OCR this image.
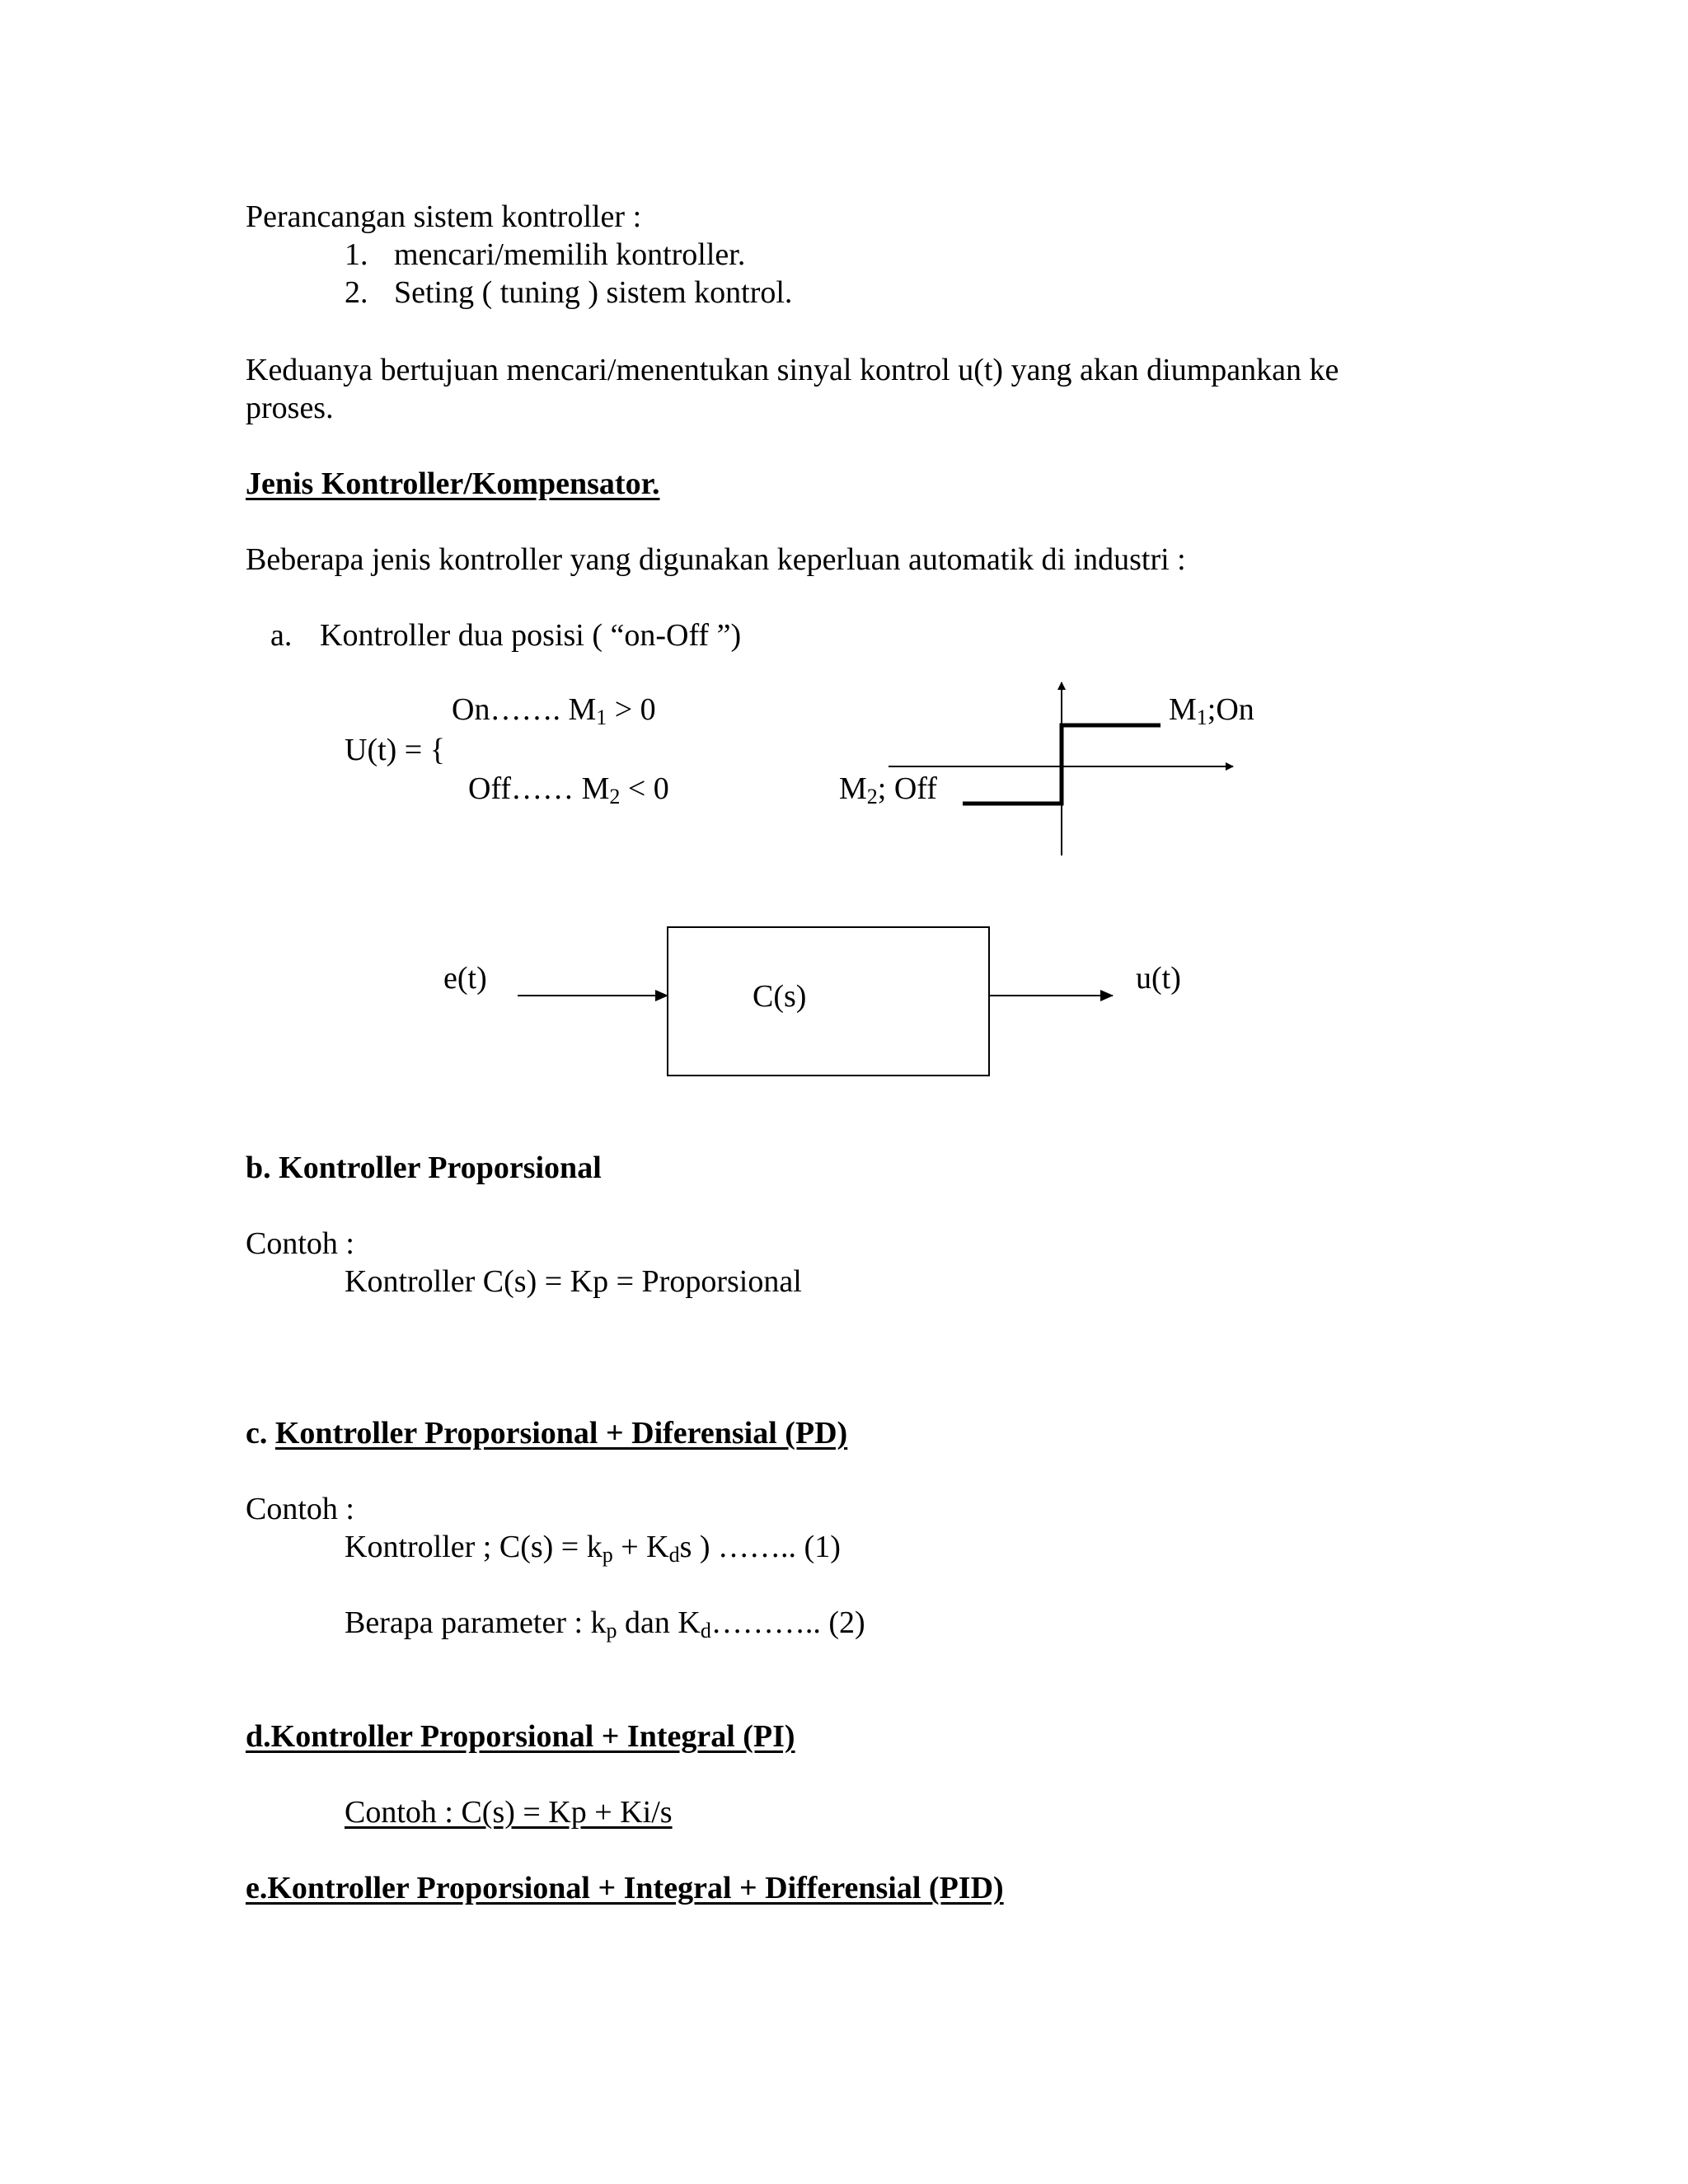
Perancangan sistem kontroller :
1. mencari/memilih kontroller.
2. Seting ( tuning ) sistem kontrol.
Keduanya bertujuan mencari/menentukan sinyal kontrol u(t) yang akan diumpankan ke
proses.
Jenis Kontroller/Kompensator.
Beberapa jenis kontroller yang digunakan keperluan automatik di industri :
a. Kontroller dua posisi ( “on-Off ”)
On……. $M_1 > 0$
U(t) = {
Off…… $M_2 < 0$
$M_1;On$
$M_2$; Off
e(t)
C(s)
u(t)
b. Kontroller Proporsional
Contoh :
Kontroller C(s) = Kp = Proporsional
c. Kontroller Proporsional + Diferensial (PD)
Contoh :
Kontroller ; $C(s) = k_p + K_ds$ ) …….. (1)
Berapa parameter : $k_p$ dan $K_d\dots\dots\dots$.. (2)
d.Kontroller Proporsional + Integral (PI)
Contoh : C(s) = Kp + Ki/s
e.Kontroller Proporsional + Integral + Differensial (PID)
